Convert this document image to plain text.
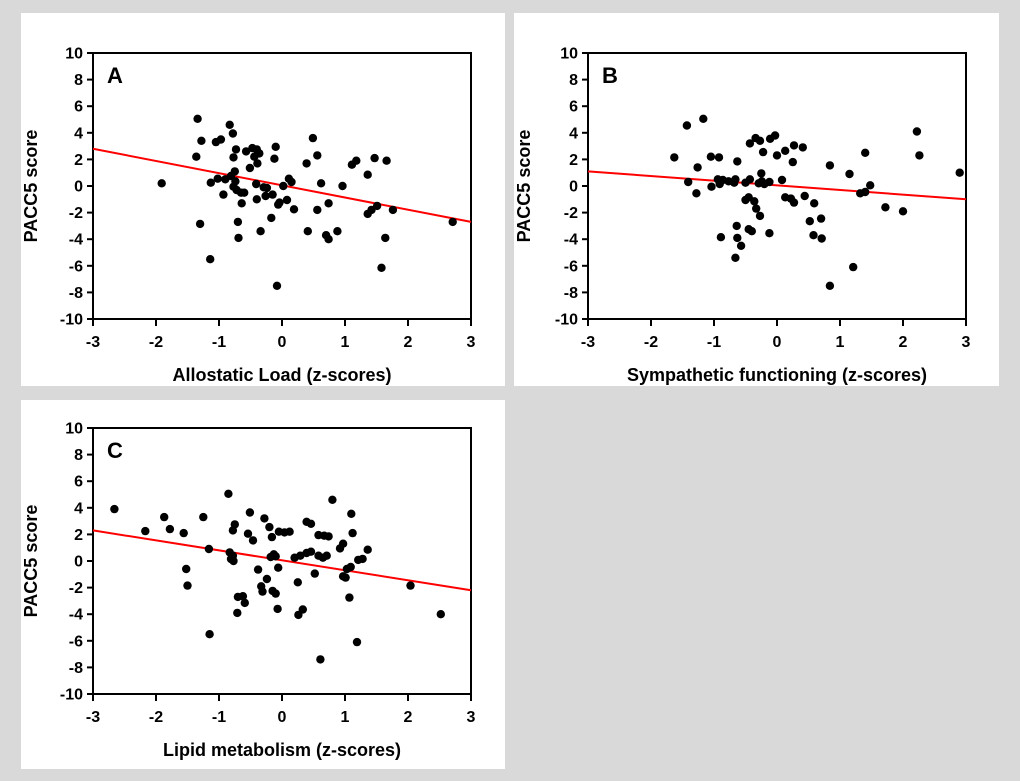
-10
-8
-6
-4
-2
0
2
4
6
8
10
-3	-2	-1	0	1	2	3
A
Allostatic Load (z-scores)
PACC5 score
-10
-8
-6
-4
-2
0
2
4
6
8
10
-3	-2	-1	0	1	2	3
B
Sympathetic functioning (z-scores)
PACC5 score
-10
-8
-6
-4
-2
0
2
4
6
8
10
-3	-2	-1	0	1	2	3
C
Lipid metabolism (z-scores)
PACC5 score
